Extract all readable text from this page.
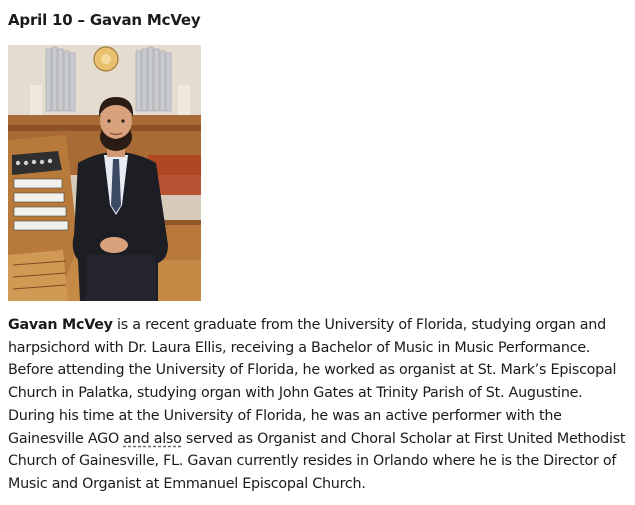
April 10 – Gavan McVey

Gavan McVey is a recent graduate from the University of Florida, studying organ and harpsichord with Dr. Laura Ellis, receiving a Bachelor of Music in Music Performance. Before attending the University of Florida, he worked as organist at St. Mark’s Episcopal Church in Palatka, studying organ with John Gates at Trinity Parish of St. Augustine. During his time at the University of Florida, he was an active performer with the Gainesville AGO and also served as Organist and Choral Scholar at First United Methodist Church of Gainesville, FL. Gavan currently resides in Orlando where he is the Director of Music and Organist at Emmanuel Episcopal Church.
